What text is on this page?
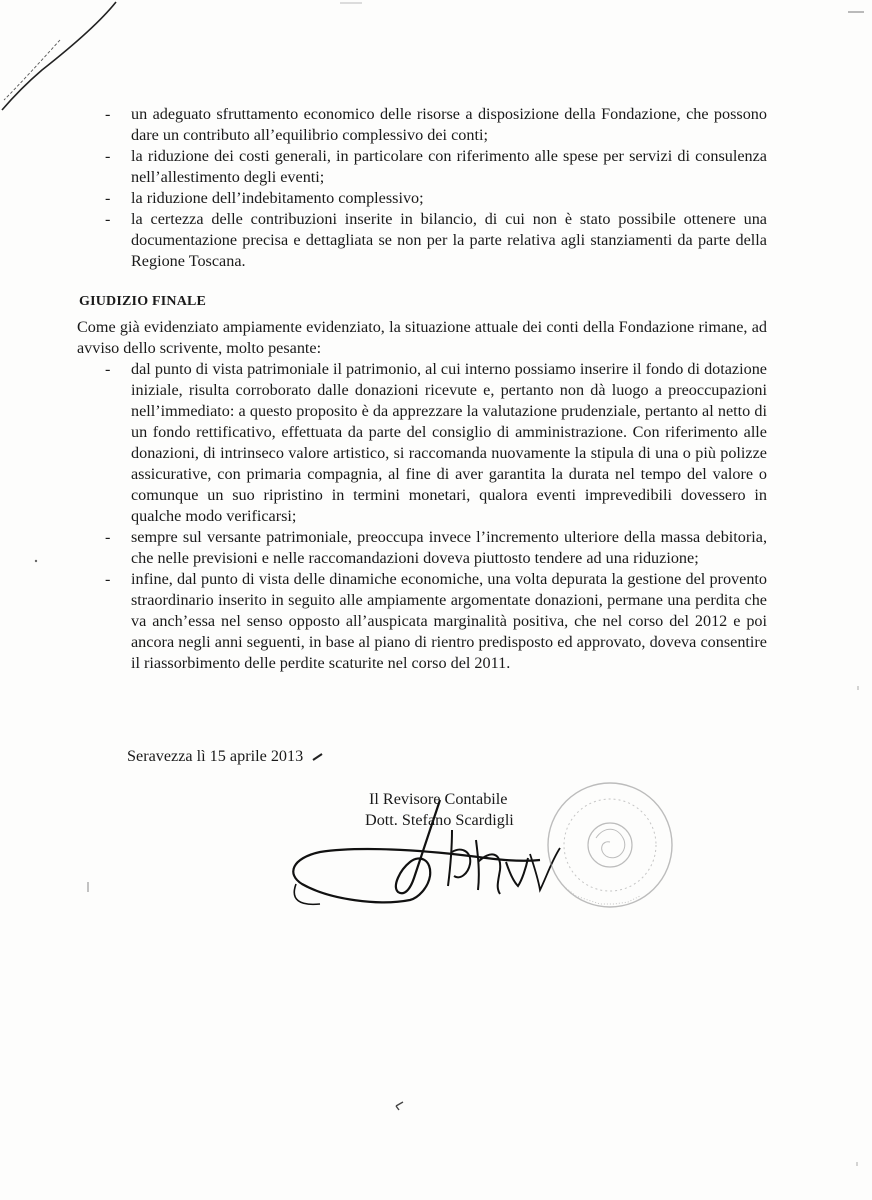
- un adeguato sfruttamento economico delle risorse a disposizione della Fondazione, che possono dare un contributo all’equilibrio complessivo dei conti;
- la riduzione dei costi generali, in particolare con riferimento alle spese per servizi di consulenza nell’allestimento degli eventi;
- la riduzione dell’indebitamento complessivo;
- la certezza delle contribuzioni inserite in bilancio, di cui non è stato possibile ottenere una documentazione precisa e dettagliata se non per la parte relativa agli stanziamenti da parte della Regione Toscana.
GIUDIZIO FINALE
Come già evidenziato ampiamente evidenziato, la situazione attuale dei conti della Fondazione rimane, ad avviso dello scrivente, molto pesante:
- dal punto di vista patrimoniale il patrimonio, al cui interno possiamo inserire il fondo di dotazione iniziale, risulta corroborato dalle donazioni ricevute e, pertanto non dà luogo a preoccupazioni nell’immediato: a questo proposito è da apprezzare la valutazione prudenziale, pertanto al netto di un fondo rettificativo, effettuata da parte del consiglio di amministrazione. Con riferimento alle donazioni, di intrinseco valore artistico, si raccomanda nuovamente la stipula di una o più polizze assicurative, con primaria compagnia, al fine di aver garantita la durata nel tempo del valore o comunque un suo ripristino in termini monetari, qualora eventi imprevedibili dovessero in qualche modo verificarsi;
- sempre sul versante patrimoniale, preoccupa invece l’incremento ulteriore della massa debitoria, che nelle previsioni e nelle raccomandazioni doveva piuttosto tendere ad una riduzione;
- infine, dal punto di vista delle dinamiche economiche, una volta depurata la gestione del provento straordinario inserito in seguito alle ampiamente argomentate donazioni, permane una perdita che va anch’essa nel senso opposto all’auspicata marginalità positiva, che nel corso del 2012 e poi ancora negli anni seguenti, in base al piano di rientro predisposto ed approvato, doveva consentire il riassorbimento delle perdite scaturite nel corso del 2011.
Seravezza lì 15 aprile 2013
Il Revisore Contabile
Dott. Stefano Scardigli
